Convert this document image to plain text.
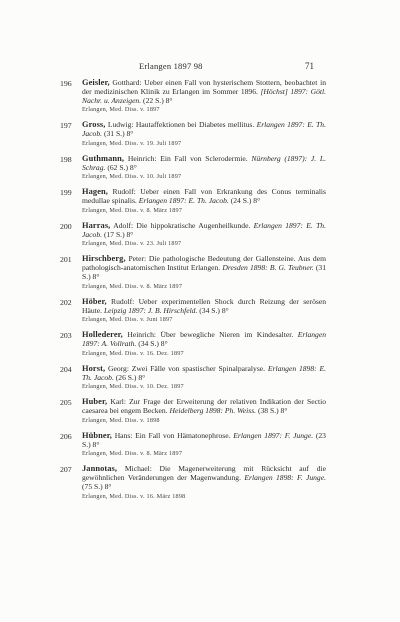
Erlangen 1897 98	71
196	Geisler, Gotthard: Ueber einen Fall von hysterischem Stottern, beobachtet in der medizinischen Klinik zu Erlangen im Sommer 1896. [Höchst] 1897: Götl. Nachr. u. Anzeigen. (22 S.) 8°
Erlangen, Med. Diss. v. 1897
197	Gross, Ludwig: Hautaffektionen bei Diabetes mellitus. Erlangen 1897: E. Th. Jacob. (31 S.) 8°
Erlangen, Med. Diss. v. 19. Juli 1897
198	Guthmann, Heinrich: Ein Fall von Sclerodermie. Nürnberg (1897): J. L. Schrag. (62 S.) 8°
Erlangen, Med. Diss. v. 10. Juli 1897
199	Hagen, Rudolf: Ueber einen Fall von Erkrankung des Conus terminalis medullae spinalis. Erlangen 1897: E. Th. Jacob. (24 S.) 8°
Erlangen, Med. Diss. v. 8. März 1897
200	Harras, Adolf: Die hippokratische Augenheilkunde. Erlangen 1897: E. Th. Jacob. (17 S.) 8°
Erlangen, Med. Diss. v. 23. Juli 1897
201	Hirschberg, Peter: Die pathologische Bedeutung der Gallensteine. Aus dem pathologisch-anatomischen Institut Erlangen. Dresden 1898: B. G. Teubner. (31 S.) 8°
Erlangen, Med. Diss. v. 8. März 1897
202	Höber, Rudolf: Ueber experimentellen Shock durch Reizung der serösen Häute. Leipzig 1897: J. B. Hirschfeld. (34 S.) 8°
Erlangen, Med. Diss. v. Juni 1897
203	Hollederer, Heinrich: Über bewegliche Nieren im Kindesalter. Erlangen 1897: A. Vollrath. (34 S.) 8°
Erlangen, Med. Diss. v. 16. Dez. 1897
204	Horst, Georg: Zwei Fälle von spastischer Spinalparalyse. Erlangen 1898: E. Th. Jacob. (26 S.) 8°
Erlangen, Med. Diss. v. 10. Dez. 1897
205	Huber, Karl: Zur Frage der Erweiterung der relativen Indikation der Sectio caesarea bei engem Becken. Heidelberg 1898: Ph. Weiss. (38 S.) 8°
Erlangen, Med. Diss. v. 1898
206	Hübner, Hans: Ein Fall von Hämatonephrose. Erlangen 1897: F. Junge. (23 S.) 8°
Erlangen, Med. Diss. v. 8. März 1897
207	Jannotas, Michael: Die Magenerweiterung mit Rücksicht auf die gewöhnlichen Veränderungen der Magenwandung. Erlangen 1898: F. Junge. (75 S.) 8°
Erlangen, Med. Diss. v. 16. März 1898
